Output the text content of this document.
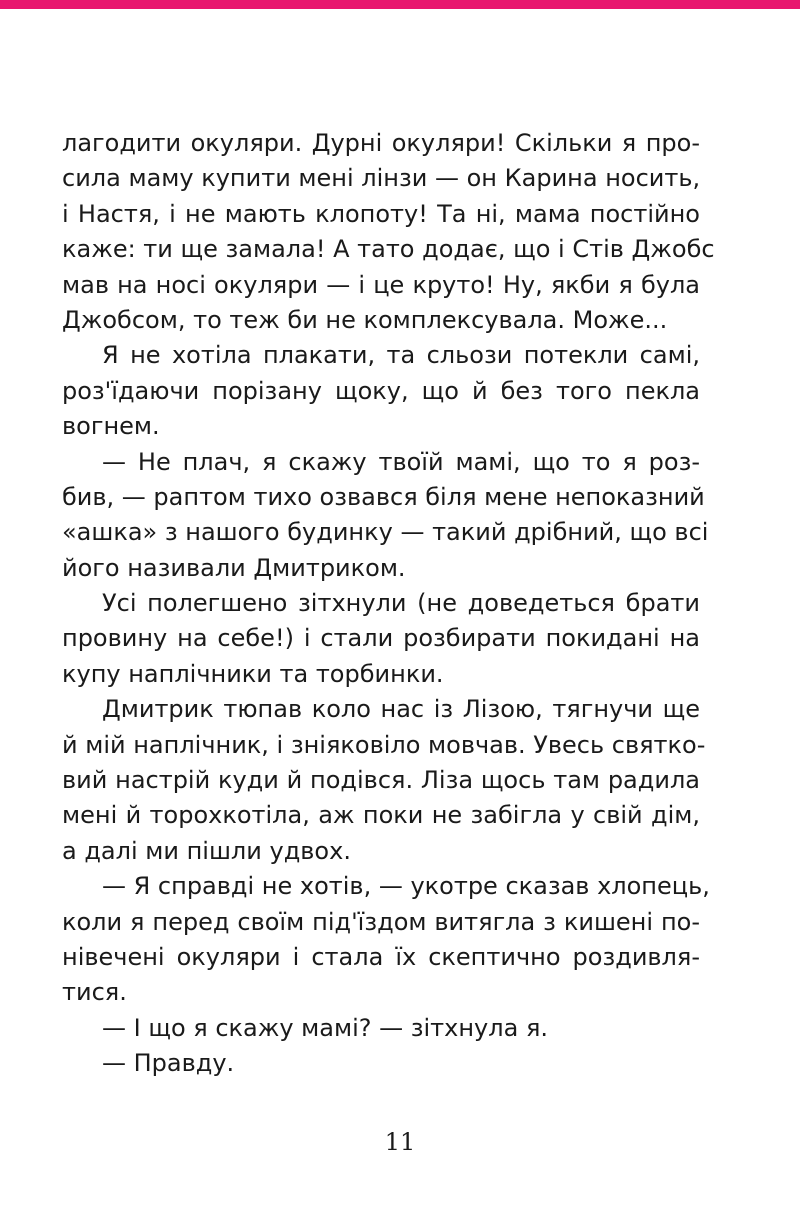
лагодити окуляри. Дурні окуляри! Скільки я про-
сила маму купити мені лінзи — он Карина носить,
і Настя, і не мають клопоту! Та ні, мама постійно
каже: ти ще замала! А тато додає, що і Стів Джобс
мав на носі окуляри — і це круто! Ну, якби я була
Джобсом, то теж би не комплексувала. Може...
Я не хотіла плакати, та сльози потекли самі,
роз'їдаючи порізану щоку, що й без того пекла
вогнем.
— Не плач, я скажу твоїй мамі, що то я роз-
бив, — раптом тихо озвався біля мене непоказний
«ашка» з нашого будинку — такий дрібний, що всі
його називали Дмитриком.
Усі полегшено зітхнули (не доведеться брати
провину на себе!) і стали розбирати покидані на
купу наплічники та торбинки.
Дмитрик тюпав коло нас із Лізою, тягнучи ще
й мій наплічник, і зніяковіло мовчав. Увесь святко-
вий настрій куди й подівся. Ліза щось там радила
мені й торохкотіла, аж поки не забігла у свій дім,
а далі ми пішли удвох.
— Я справді не хотів, — укотре сказав хлопець,
коли я перед своїм під'їздом витягла з кишені по-
нівечені окуляри і стала їх скептично роздивля-
тися.
— І що я скажу мамі? — зітхнула я.
— Правду.
11
